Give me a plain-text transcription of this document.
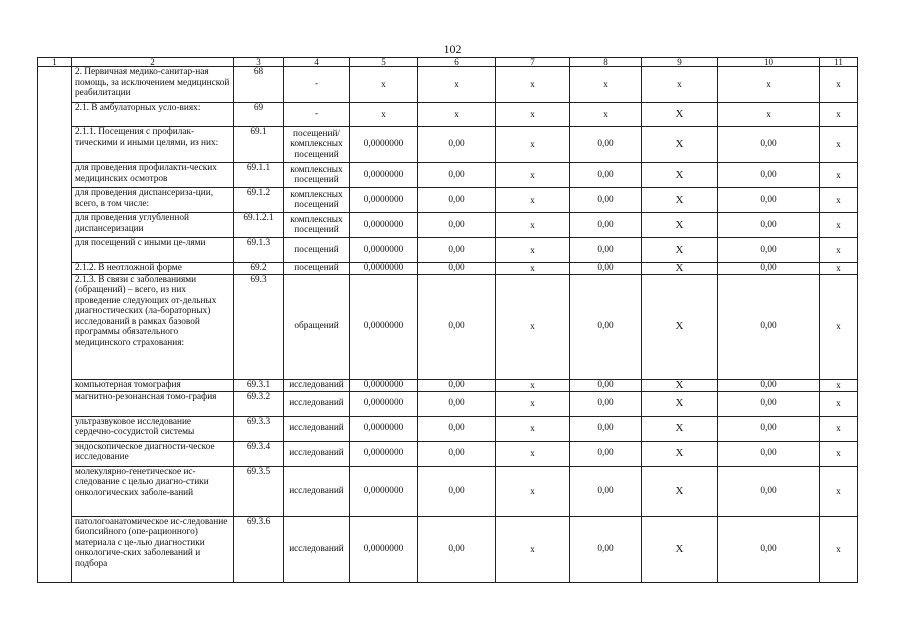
102
1	2	3	4	5	6	7	8	9	10	11
	2. Первичная медико-санитар-ная помощь, за исключением медицинской реабилитации	68	-	x	x	x	x	x	x	x
	2.1. В амбулаторных усло-виях:	69	-	x	x	x	x	X	x	x
	2.1.1. Посещения с профилак-тическими и иными целями, из них:	69.1	посещений/ комплексных посещений	0,0000000	0,00	x	0,00	X	0,00	x
	для проведения профилакти-ческих медицинских осмотров	69.1.1	комплексных посещений	0,0000000	0,00	x	0,00	X	0,00	x
	для проведения диспансериза-ции, всего, в том числе:	69.1.2	комплексных посещений	0,0000000	0,00	x	0,00	X	0,00	x
	для проведения углубленной диспансеризации	69.1.2.1	комплексных посещений	0,0000000	0,00	x	0,00	X	0,00	x
	для посещений с иными це-лями	69.1.3	посещений	0,0000000	0,00	x	0,00	X	0,00	x
	2.1.2. В неотложной форме	69.2	посещений	0,0000000	0,00	x	0,00	X	0,00	x
	2.1.3. В связи с заболеваниями (обращений) – всего, из них проведение следующих от-дельных диагностических (ла-бораторных) исследований в рамках базовой программы обязательного медицинского страхования:	69.3	обращений	0,0000000	0,00	x	0,00	X	0,00	x
	компьютерная томография	69.3.1	исследований	0,0000000	0,00	x	0,00	X	0,00	x
	магнитно-резонансная томо-графия	69.3.2	исследований	0,0000000	0,00	x	0,00	X	0,00	x
	ультразвуковое исследование сердечно-сосудистой системы	69.3.3	исследований	0,0000000	0,00	x	0,00	X	0,00	x
	эндоскопическое диагности-ческое исследование	69.3.4	исследований	0,0000000	0,00	x	0,00	X	0,00	x
	молекулярно-генетическое ис-следование с целью диагно-стики онкологических заболе-ваний	69.3.5	исследований	0,0000000	0,00	x	0,00	X	0,00	x
	патологоанатомическое ис-следование биопсийного (опе-рационного) материала с це-лью диагностики онкологиче-ских заболеваний и подбора	69.3.6	исследований	0,0000000	0,00	x	0,00	X	0,00	x
